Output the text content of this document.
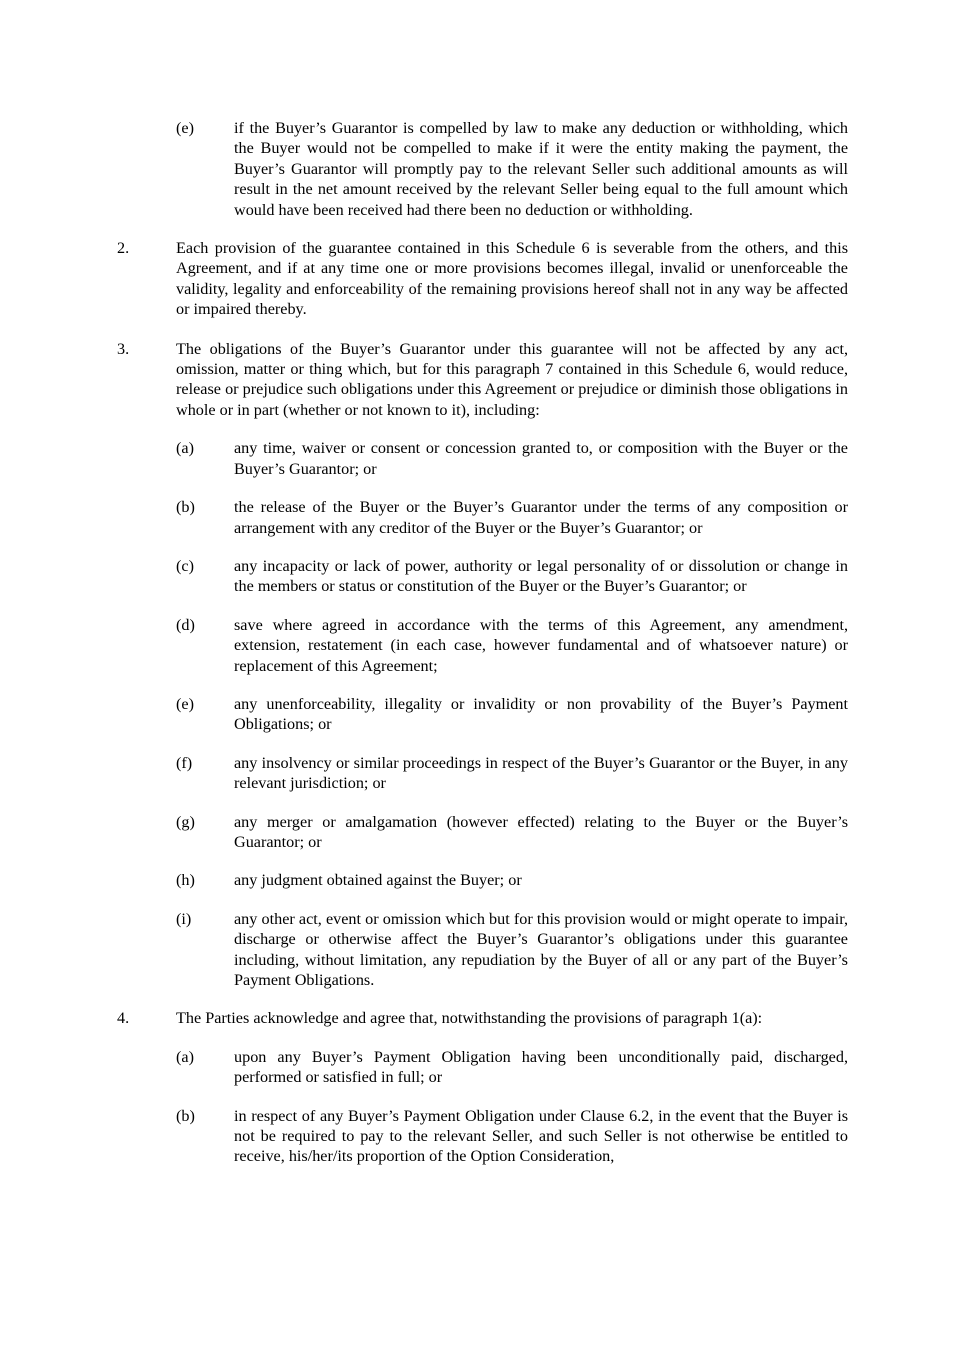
(e) if the Buyer’s Guarantor is compelled by law to make any deduction or withholding, which the Buyer would not be compelled to make if it were the entity making the payment, the Buyer’s Guarantor will promptly pay to the relevant Seller such additional amounts as will result in the net amount received by the relevant Seller being equal to the full amount which would have been received had there been no deduction or withholding.
2.	Each provision of the guarantee contained in this Schedule 6 is severable from the others, and this Agreement, and if at any time one or more provisions becomes illegal, invalid or unenforceable the validity, legality and enforceability of the remaining provisions hereof shall not in any way be affected or impaired thereby.
3.	The obligations of the Buyer’s Guarantor under this guarantee will not be affected by any act, omission, matter or thing which, but for this paragraph 7 contained in this Schedule 6, would reduce, release or prejudice such obligations under this Agreement or prejudice or diminish those obligations in whole or in part (whether or not known to it), including:
(a) any time, waiver or consent or concession granted to, or composition with the Buyer or the Buyer’s Guarantor; or
(b) the release of the Buyer or the Buyer’s Guarantor under the terms of any composition or arrangement with any creditor of the Buyer or the Buyer’s Guarantor; or
(c) any incapacity or lack of power, authority or legal personality of or dissolution or change in the members or status or constitution of the Buyer or the Buyer’s Guarantor; or
(d) save where agreed in accordance with the terms of this Agreement, any amendment, extension, restatement (in each case, however fundamental and of whatsoever nature) or replacement of this Agreement;
(e) any unenforceability, illegality or invalidity or non provability of the Buyer’s Payment Obligations; or
(f)	any insolvency or similar proceedings in respect of the Buyer’s Guarantor or the Buyer, in any relevant jurisdiction; or
(g) any merger or amalgamation (however effected) relating to the Buyer or the Buyer’s Guarantor; or
(h) any judgment obtained against the Buyer; or
(i)	any other act, event or omission which but for this provision would or might operate to impair, discharge or otherwise affect the Buyer’s Guarantor’s obligations under this guarantee including, without limitation, any repudiation by the Buyer of all or any part of the Buyer’s Payment Obligations.
4.	The Parties acknowledge and agree that, notwithstanding the provisions of paragraph 1(a):
(a) upon any Buyer’s Payment Obligation having been unconditionally paid, discharged, performed or satisfied in full; or
(b) in respect of any Buyer’s Payment Obligation under Clause 6.2, in the event that the Buyer is not be required to pay to the relevant Seller, and such Seller is not otherwise be entitled to receive, his/her/its proportion of the Option Consideration,
